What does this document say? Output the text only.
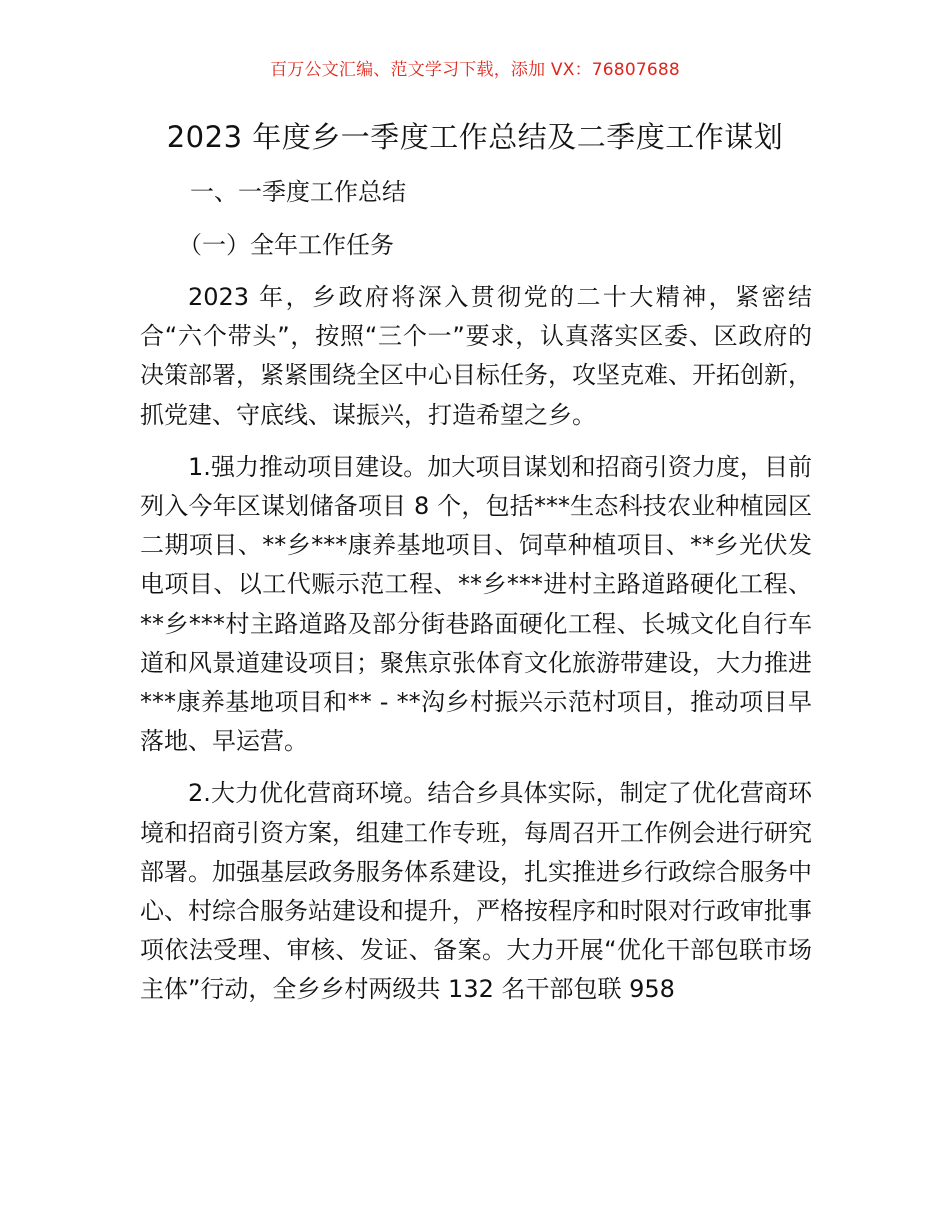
百万公文汇编、范文学习下载，添加 VX：76807688
2023 年度乡一季度工作总结及二季度工作谋划
一、一季度工作总结
（一）全年工作任务

2023 年，乡政府将深入贯彻党的二十大精神，紧密结合“六个带头”，按照“三个一”要求，认真落实区委、区政府的决策部署，紧紧围绕全区中心目标任务，攻坚克难、开拓创新，抓党建、守底线、谋振兴，打造希望之乡。

1.强力推动项目建设。加大项目谋划和招商引资力度，目前列入今年区谋划储备项目 8 个，包括***生态科技农业种植园区二期项目、**乡***康养基地项目、饲草种植项目、**乡光伏发电项目、以工代赈示范工程、**乡***进村主路道路硬化工程、**乡***村主路道路及部分街巷路面硬化工程、长城文化自行车道和风景道建设项目；聚焦京张体育文化旅游带建设，大力推进***康养基地项目和** - **沟乡村振兴示范村项目，推动项目早落地、早运营。

2.大力优化营商环境。结合乡具体实际，制定了优化营商环境和招商引资方案，组建工作专班，每周召开工作例会进行研究部署。加强基层政务服务体系建设，扎实推进乡行政综合服务中心、村综合服务站建设和提升，严格按程序和时限对行政审批事项依法受理、审核、发证、备案。大力开展“优化干部包联市场主体”行动，全乡乡村两级共 132 名干部包联 958
